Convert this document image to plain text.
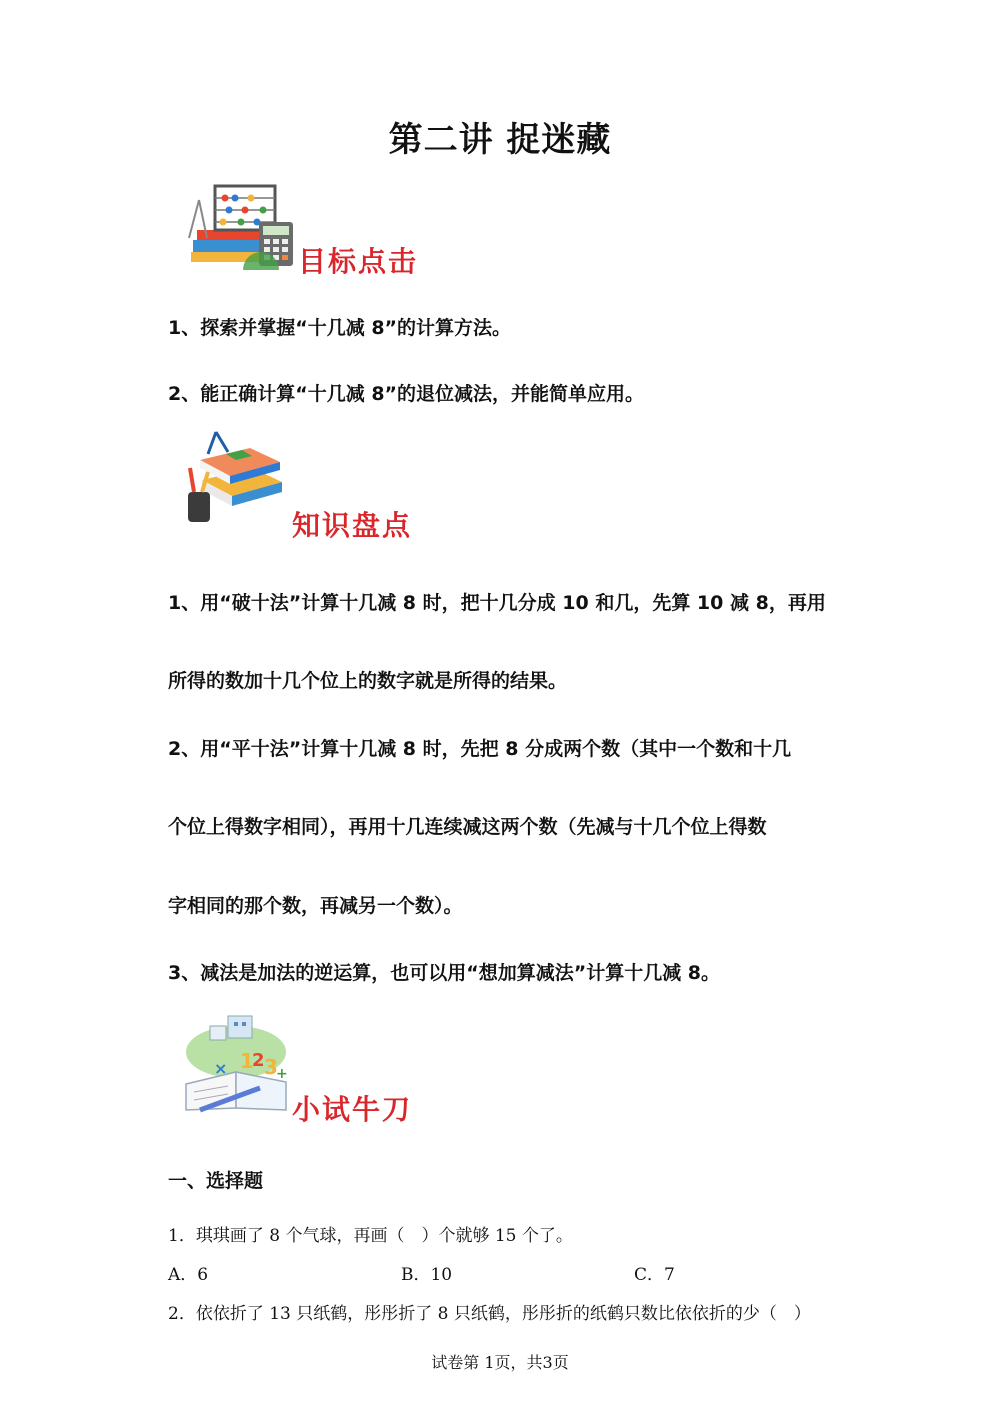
第二讲 捉迷藏
目标点击
1、探索并掌握“十几减 8”的计算方法。
2、能正确计算“十几减 8”的退位减法，并能简单应用。
知识盘点
1、用“破十法”计算十几减 8 时，把十几分成 10 和几，先算 10 减 8，再用
所得的数加十几个位上的数字就是所得的结果。
2、用“平十法”计算十几减 8 时，先把 8 分成两个数（其中一个数和十几
个位上得数字相同），再用十几连续减这两个数（先减与十几个位上得数
字相同的那个数，再减另一个数）。
3、减法是加法的逆运算，也可以用“想加算减法”计算十几减 8。
1
2 3
+
×
小试牛刀
一、选择题
1．琪琪画了 8 个气球，再画（　）个就够 15 个了。
A．6	B．10	C．7
2．依依折了 13 只纸鹤，彤彤折了 8 只纸鹤，彤彤折的纸鹤只数比依依折的少（　）
试卷第 1页，共3页
